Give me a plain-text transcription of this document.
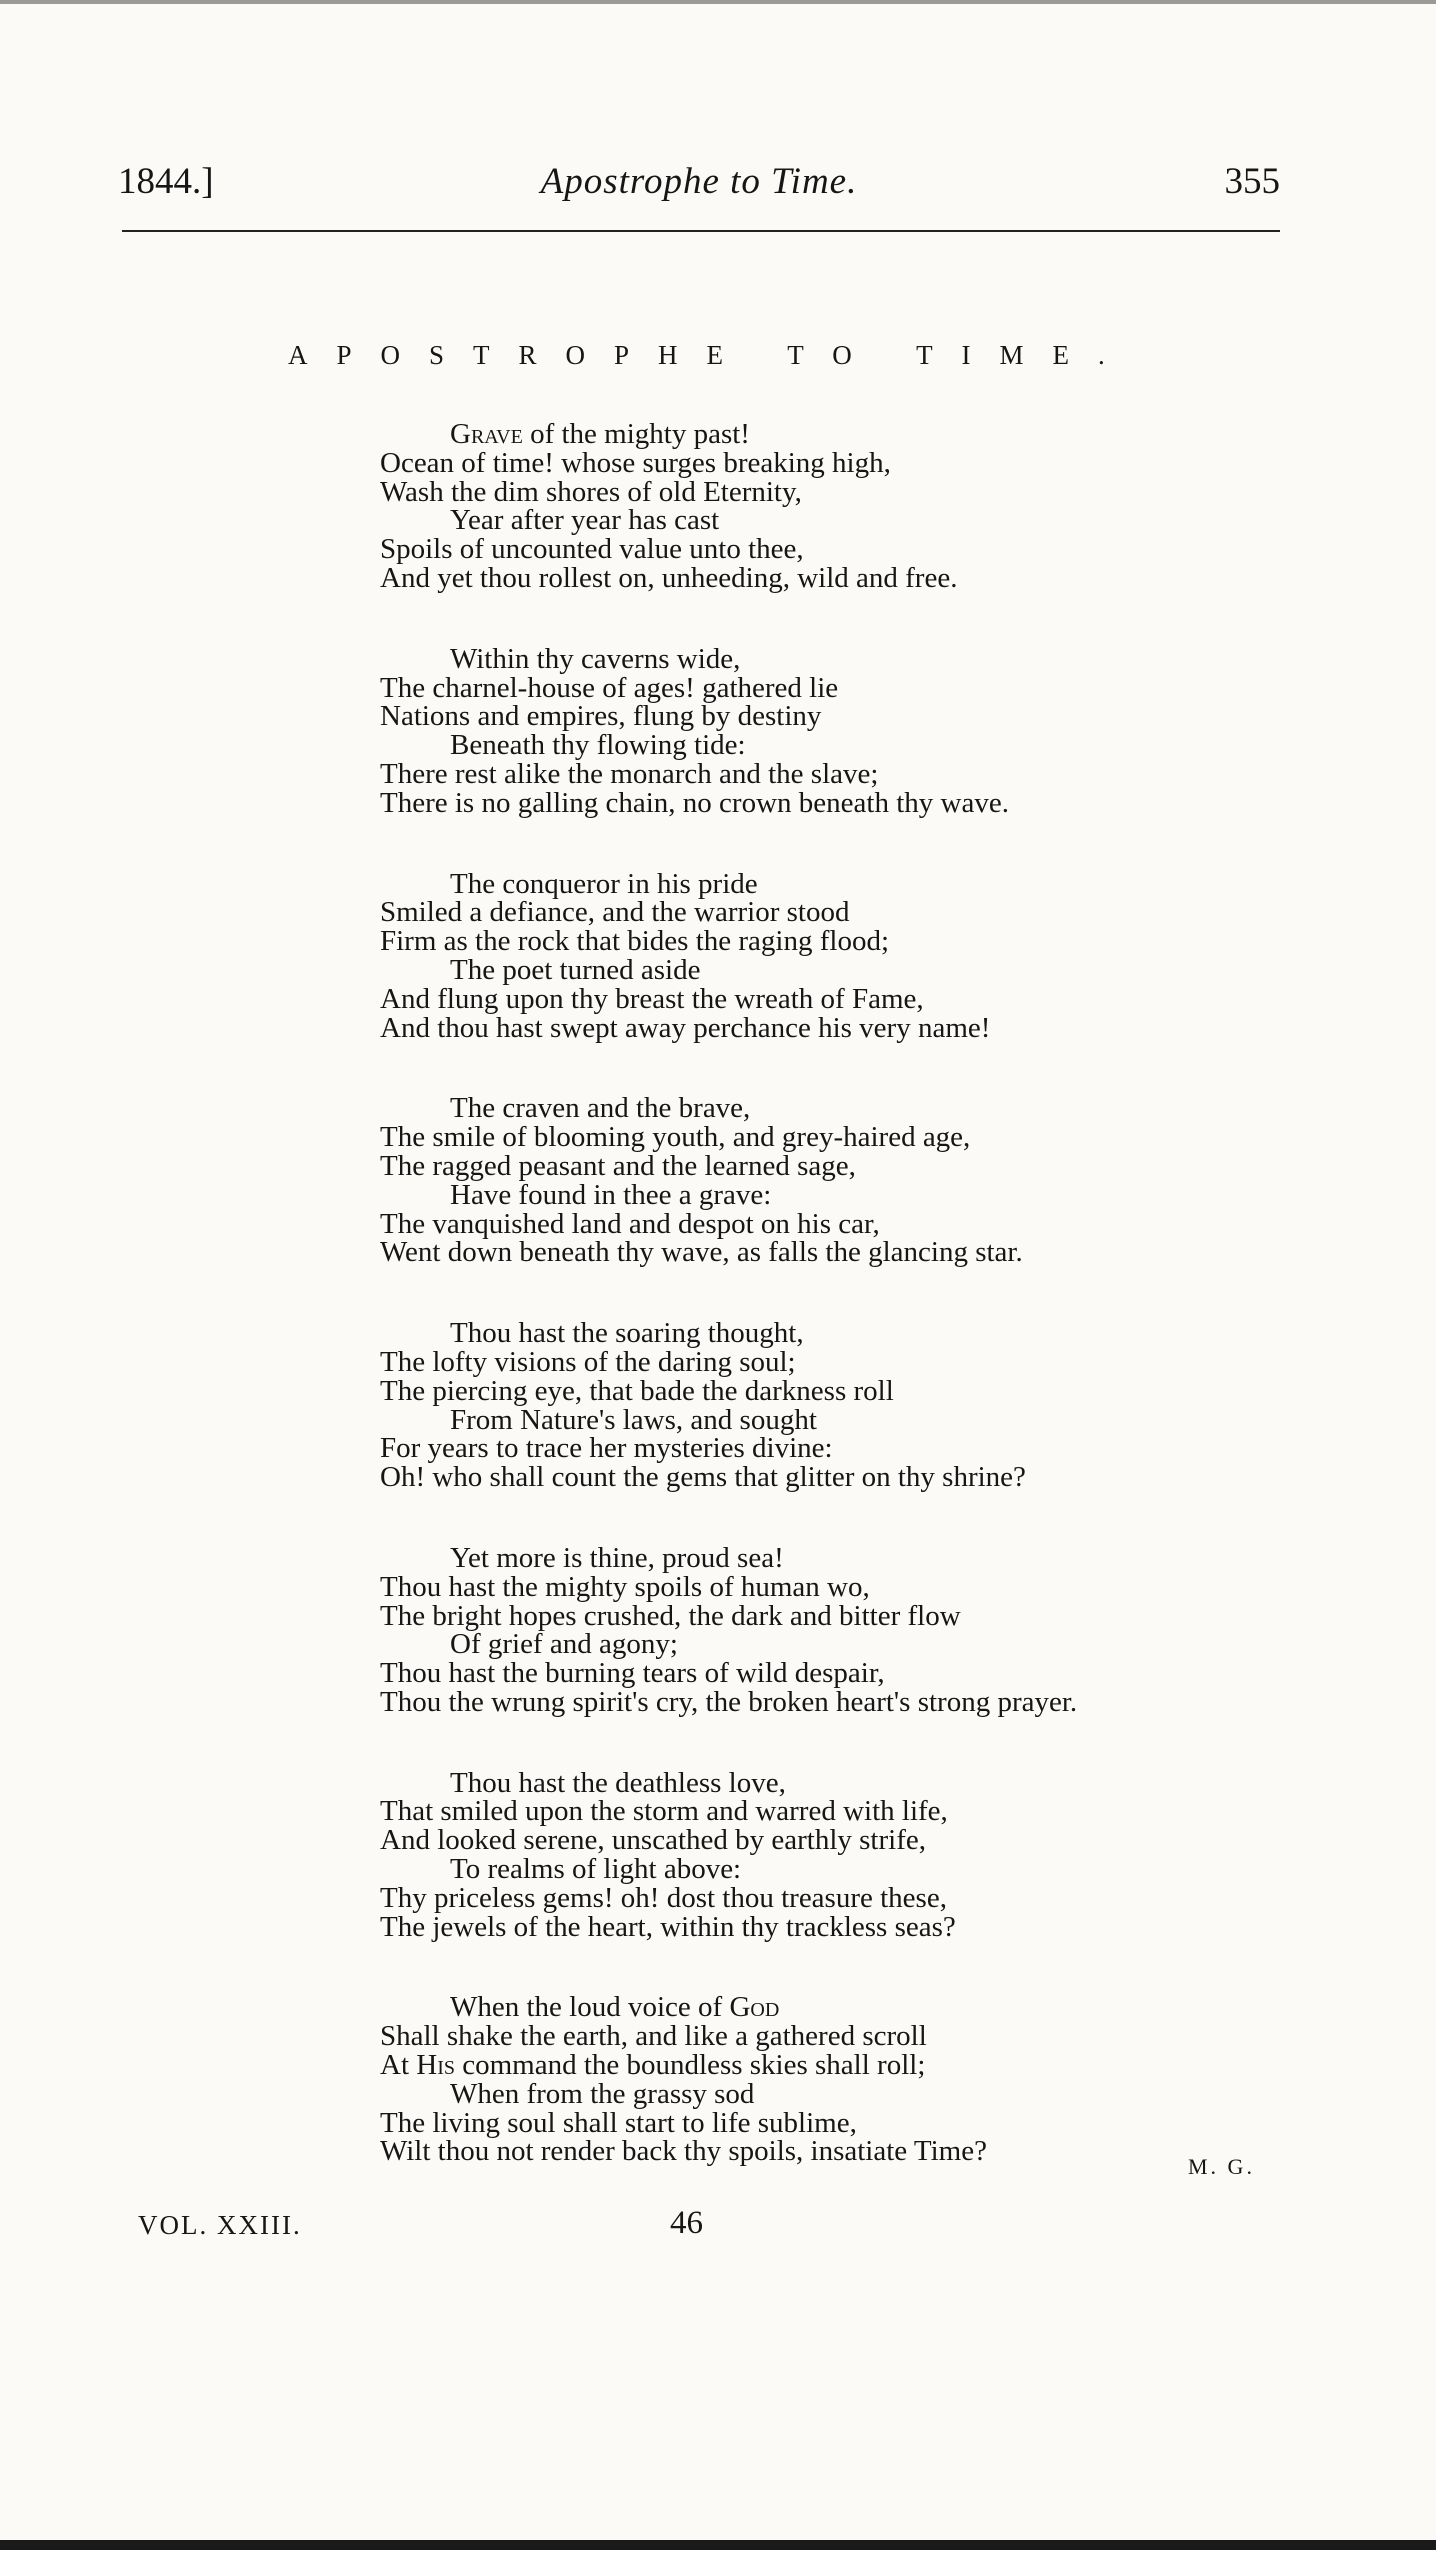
1844.]	Apostrophe to Time.	355
APOSTROPHE TO TIME.
Grave of the mighty past!
Ocean of time! whose surges breaking high,
Wash the dim shores of old Eternity,
Year after year has cast
Spoils of uncounted value unto thee,
And yet thou rollest on, unheeding, wild and free.
Within thy caverns wide,
The charnel-house of ages! gathered lie
Nations and empires, flung by destiny
Beneath thy flowing tide:
There rest alike the monarch and the slave;
There is no galling chain, no crown beneath thy wave.
The conqueror in his pride
Smiled a defiance, and the warrior stood
Firm as the rock that bides the raging flood;
The poet turned aside
And flung upon thy breast the wreath of Fame,
And thou hast swept away perchance his very name!
The craven and the brave,
The smile of blooming youth, and grey-haired age,
The ragged peasant and the learned sage,
Have found in thee a grave:
The vanquished land and despot on his car,
Went down beneath thy wave, as falls the glancing star.
Thou hast the soaring thought,
The lofty visions of the daring soul;
The piercing eye, that bade the darkness roll
From Nature's laws, and sought
For years to trace her mysteries divine:
Oh! who shall count the gems that glitter on thy shrine?
Yet more is thine, proud sea!
Thou hast the mighty spoils of human wo,
The bright hopes crushed, the dark and bitter flow
Of grief and agony;
Thou hast the burning tears of wild despair,
Thou the wrung spirit's cry, the broken heart's strong prayer.
Thou hast the deathless love,
That smiled upon the storm and warred with life,
And looked serene, unscathed by earthly strife,
To realms of light above:
Thy priceless gems! oh! dost thou treasure these,
The jewels of the heart, within thy trackless seas?
When the loud voice of God
Shall shake the earth, and like a gathered scroll
At His command the boundless skies shall roll;
When from the grassy sod
The living soul shall start to life sublime,
Wilt thou not render back thy spoils, insatiate Time?	M. G.
VOL. XXIII.	46
